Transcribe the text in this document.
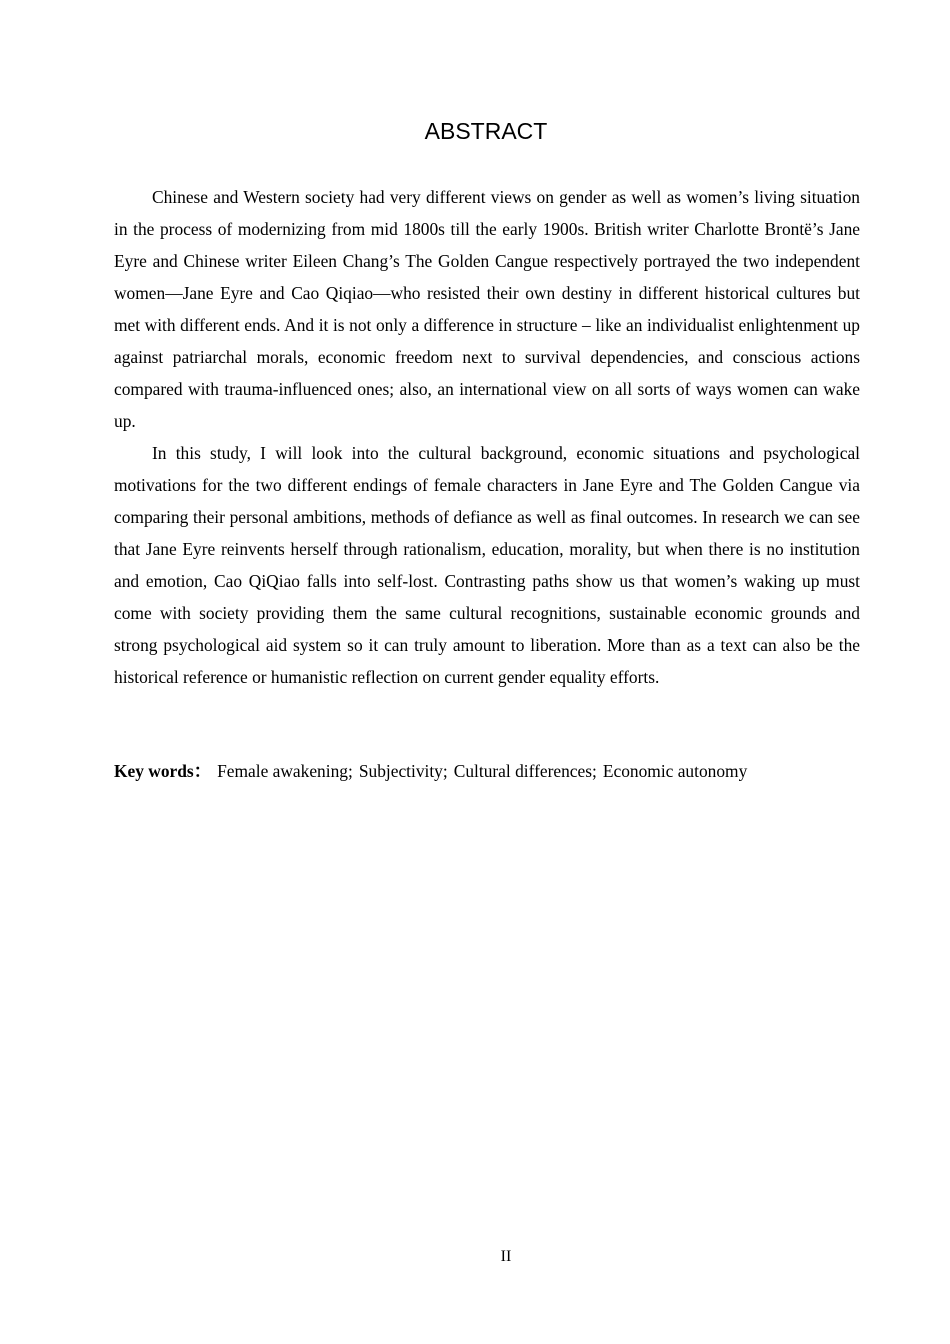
ABSTRACT

Chinese and Western society had very different views on gender as well as women’s living situation in the process of modernizing from mid 1800s till the early 1900s. British writer Charlotte Brontë’s Jane Eyre and Chinese writer Eileen Chang’s The Golden Cangue respectively portrayed the two independent women—Jane Eyre and Cao Qiqiao—who resisted their own destiny in different historical cultures but met with different ends. And it is not only a difference in structure – like an individualist enlightenment up against patriarchal morals, economic freedom next to survival dependencies, and conscious actions compared with trauma-influenced ones; also, an international view on all sorts of ways women can wake up.

In this study, I will look into the cultural background, economic situations and psychological motivations for the two different endings of female characters in Jane Eyre and The Golden Cangue via comparing their personal ambitions, methods of defiance as well as final outcomes. In research we can see that Jane Eyre reinvents herself through rationalism, education, morality, but when there is no institution and emotion, Cao QiQiao falls into self-lost. Contrasting paths show us that women’s waking up must come with society providing them the same cultural recognitions, sustainable economic grounds and strong psychological aid system so it can truly amount to liberation. More than as a text can also be the historical reference or humanistic reflection on current gender equality efforts.

Key words： Female awakening; Subjectivity; Cultural differences; Economic autonomy

II
